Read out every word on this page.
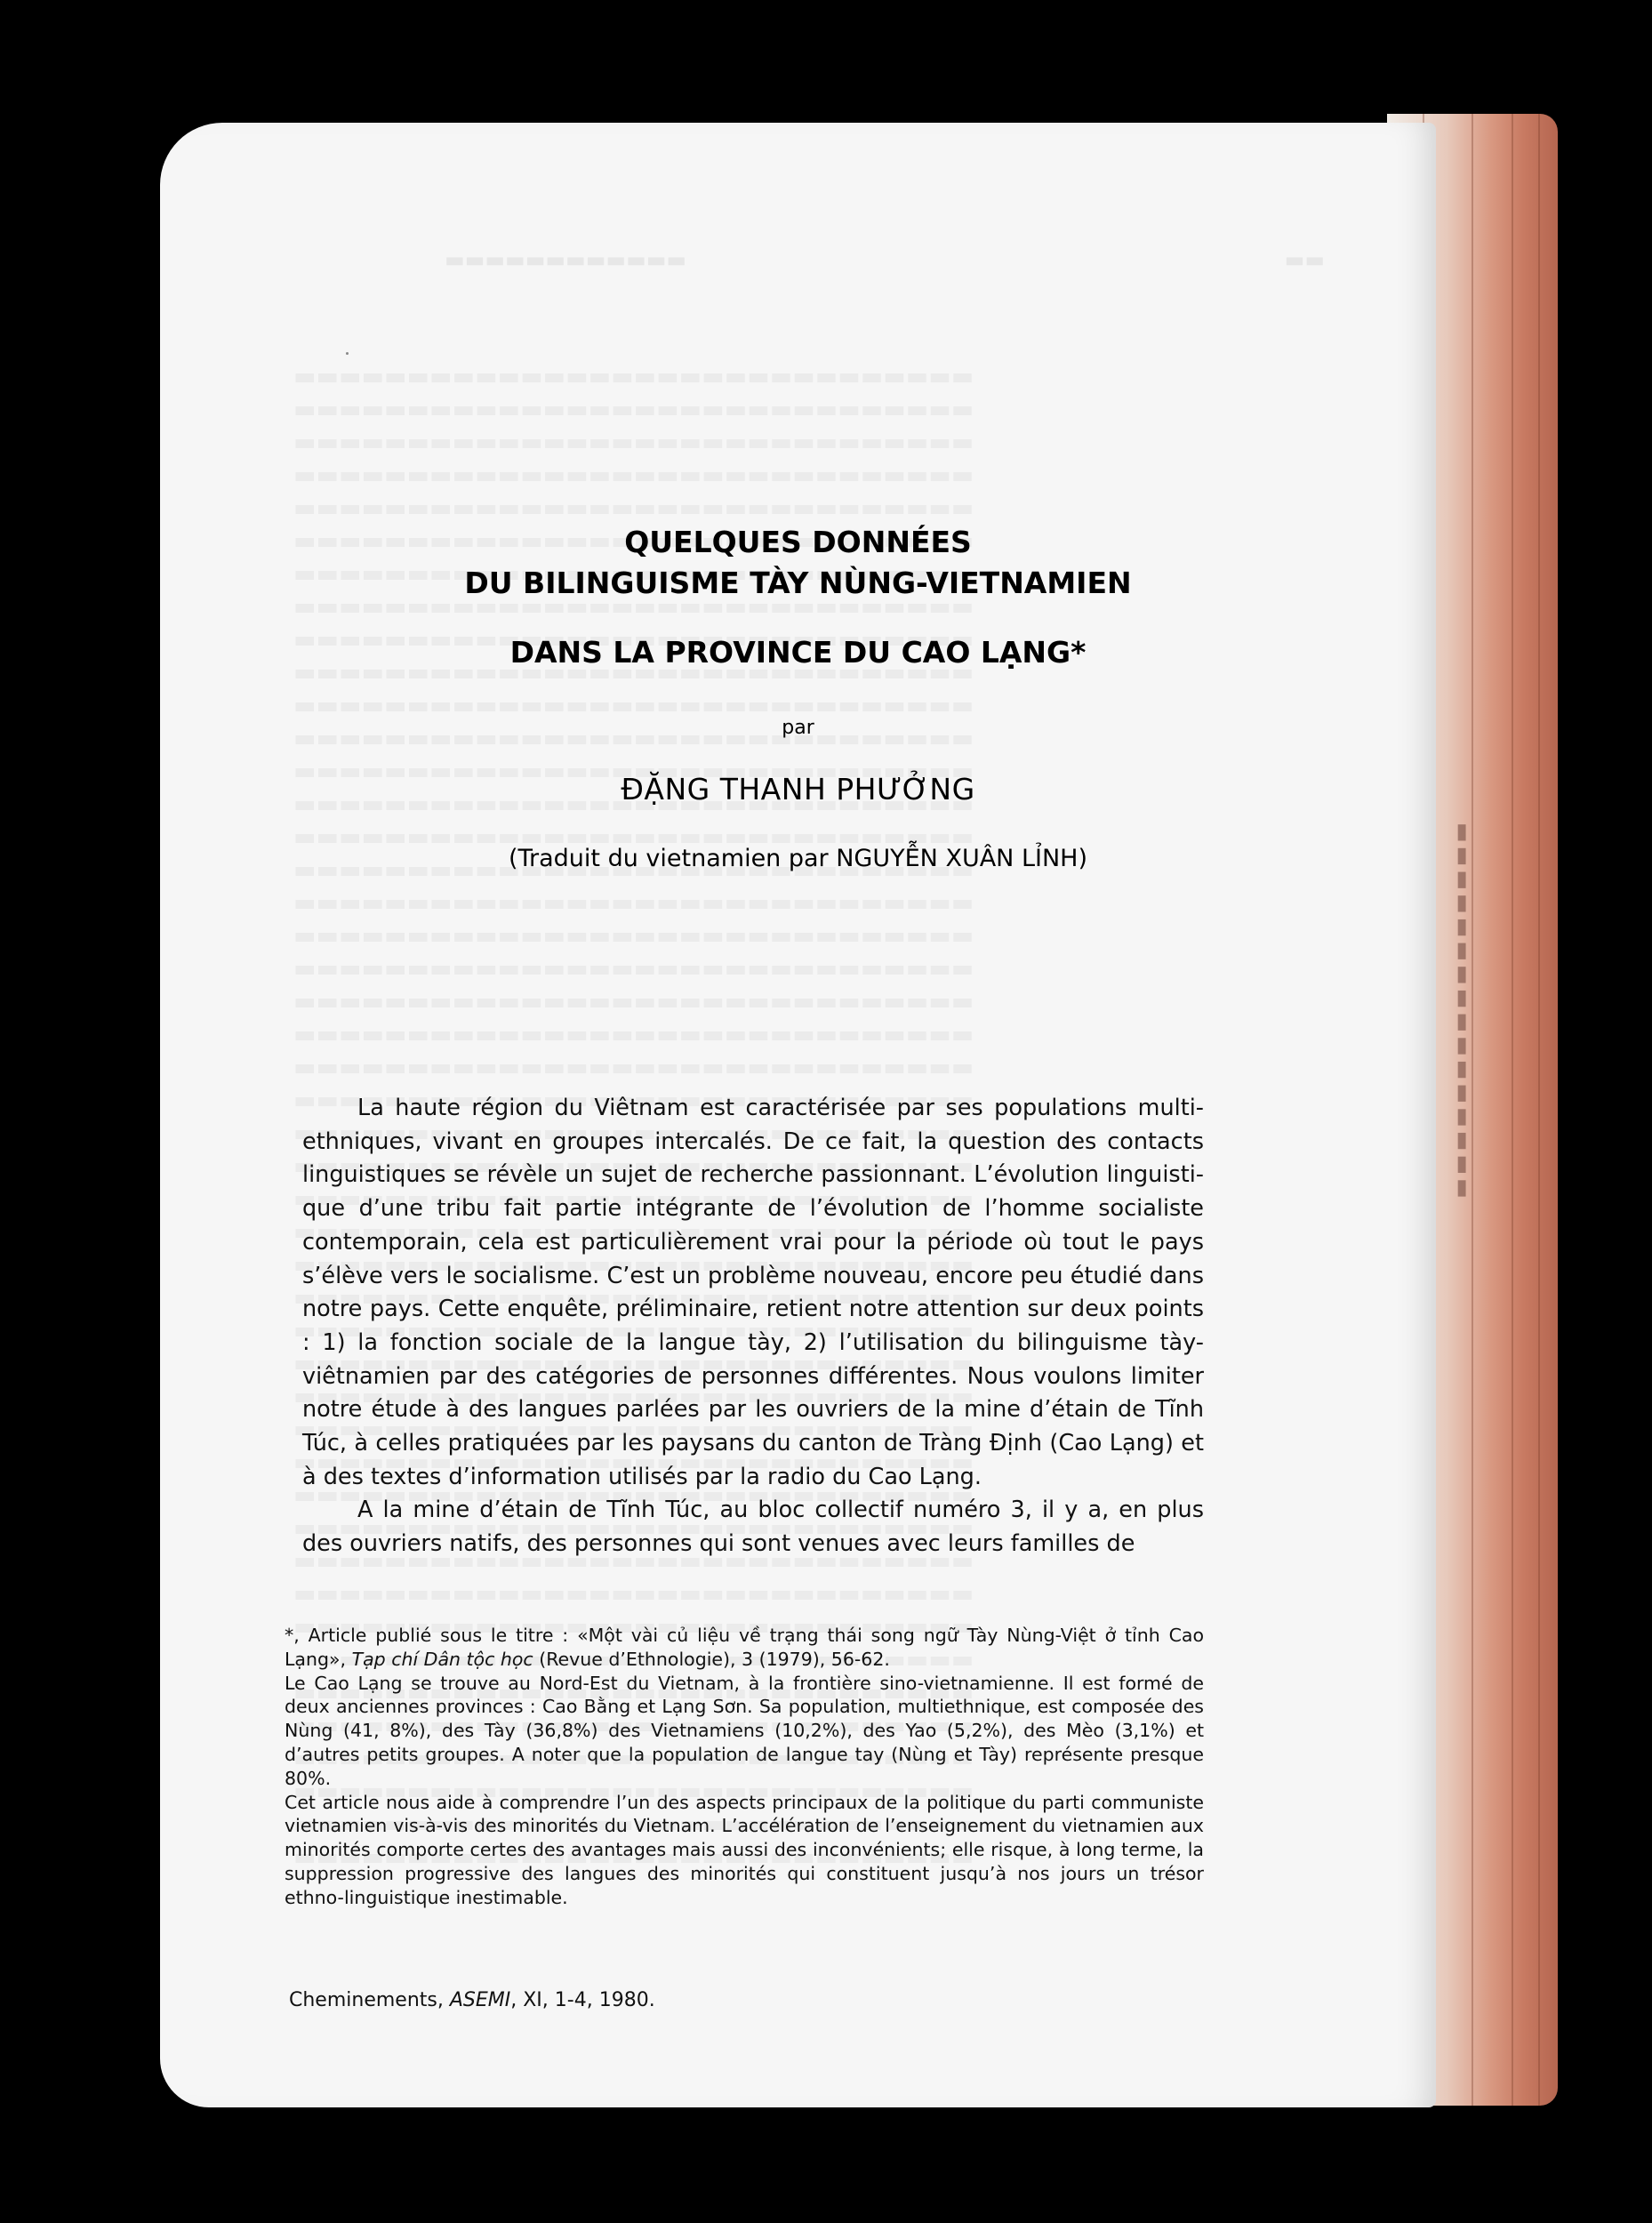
▬▬▬▬▬▬▬▬▬▬▬▬	▬▬

▬▬▬▬▬▬▬▬▬▬▬▬▬▬▬▬
QUELQUES DONNÉES
DU BILINGUISME TÀY NÙNG-VIETNAMIEN
DANS LA PROVINCE DU CAO LẠNG*
par
ĐẶNG THANH PHƯỞNG
(Traduit du vietnamien par NGUYỄN XUÂN LỈNH)

La haute région du Viêtnam est caractérisée par ses populations multiethniques, vivant en groupes intercalés. De ce fait, la question des contacts linguistiques se révèle un sujet de recherche passionnant. L’évolution linguistique d’une tribu fait partie intégrante de l’évolution de l’homme socialiste contemporain, cela est particulièrement vrai pour la période où tout le pays s’élève vers le socialisme. C’est un problème nouveau, encore peu étudié dans notre pays. Cette enquête, préliminaire, retient notre attention sur deux points : 1) la fonction sociale de la langue tày, 2) l’utilisation du bilinguisme tày-viêtnamien par des catégories de personnes différentes. Nous voulons limiter notre étude à des langues parlées par les ouvriers de la mine d’étain de Tĩnh Túc, à celles pratiquées par les paysans du canton de Tràng Định (Cao Lạng) et à des textes d’information utilisés par la radio du Cao Lạng.

A la mine d’étain de Tĩnh Túc, au bloc collectif numéro 3, il y a, en plus des ouvriers natifs, des personnes qui sont venues avec leurs familles de

*, Article publié sous le titre : «Một vài củ liệu về trạng thái song ngữ Tày Nùng-Việt ở tỉnh Cao Lạng», Tạp chí Dân tộc học (Revue d’Ethnologie), 3 (1979), 56-62.

Le Cao Lạng se trouve au Nord-Est du Vietnam, à la frontière sino-vietnamienne. Il est formé de deux anciennes provinces : Cao Bằng et Lạng Sơn. Sa population, multiethnique, est composée des Nùng (41, 8%), des Tày (36,8%) des Vietnamiens (10,2%), des Yao (5,2%), des Mèo (3,1%) et d’autres petits groupes. A noter que la population de langue tay (Nùng et Tày) représente presque 80%.

Cet article nous aide à comprendre l’un des aspects principaux de la politique du parti communiste vietnamien vis-à-vis des minorités du Vietnam. L’accélération de l’enseignement du vietnamien aux minorités comporte certes des avantages mais aussi des inconvénients; elle risque, à long terme, la suppression progressive des langues des minorités qui constituent jusqu’à nos jours un trésor ethno-linguistique inestimable.

Cheminements, ASEMI, XI, 1-4, 1980.
